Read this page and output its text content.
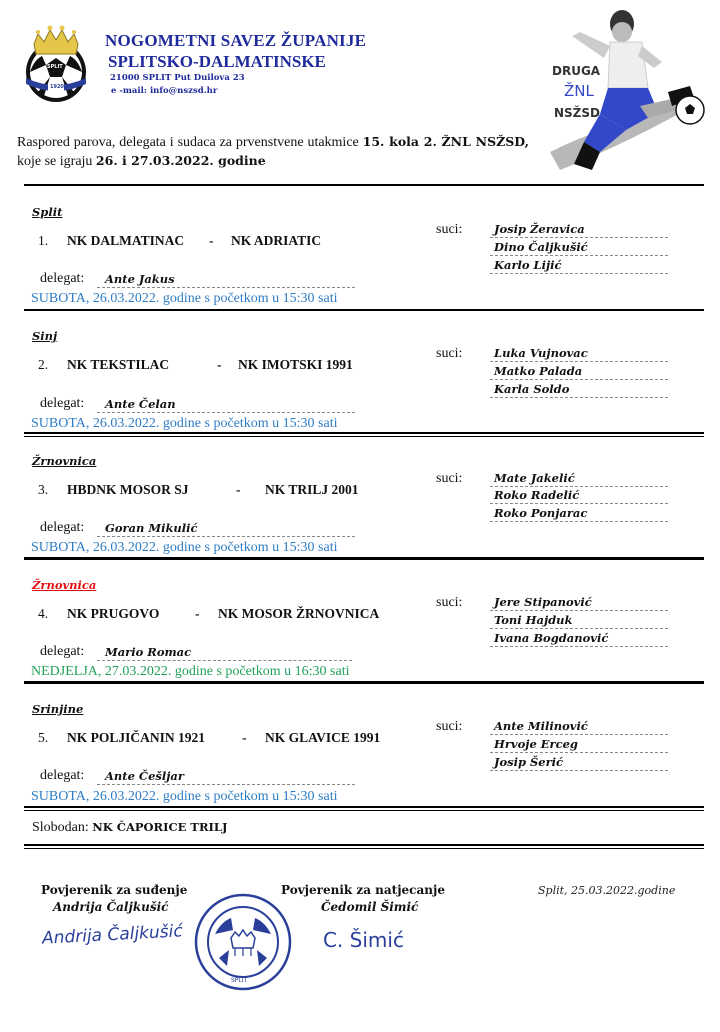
SPLIT
1920
NOGOMETNI SAVEZ ŽUPANIJE
SPLITSKO-DALMATINSKE
21000 SPLIT Put Duilova 23
e -mail: info@nszsd.hr
DRUGA
ŽNL
NSŽSD
Raspored parova, delegata i sudaca za prvenstvene utakmice 15. kola 2. ŽNL NSŽSD, koje se igraju 26. i 27.03.2022. godine
Split
1. NK DALMATINAC - NK ADRIATIC
suci:	Josip Žeravica
Dino Čaljkušić
Karlo Lijić
delegat: Ante Jakus
SUBOTA, 26.03.2022. godine s početkom u 15:30 sati
Sinj
2. NK TEKSTILAC	- NK IMOTSKI 1991
suci:	Luka Vujnovac
Matko Palada
Karla Soldo
delegat: Ante Čelan
SUBOTA, 26.03.2022. godine s početkom u 15:30 sati
Žrnovnica
3. HBDNK MOSOR SJ	- NK TRILJ 2001
suci:	Mate Jakelić
Roko Radelić
Roko Ponjarac
delegat: Goran Mikulić
SUBOTA, 26.03.2022. godine s početkom u 15:30 sati
Žrnovnica
4. NK PRUGOVO	- NK MOSOR ŽRNOVNICA
suci:	Jere Stipanović
Toni Hajduk
Ivana Bogdanović
delegat: Mario Romac
NEDJELJA, 27.03.2022. godine s početkom u 16:30 sati
Srinjine
5. NK POLJIČANIN 1921	- NK GLAVICE 1991
suci:	Ante Milinović
Hrvoje Erceg
Josip Šerić
delegat: Ante Češljar
SUBOTA, 26.03.2022. godine s početkom u 15:30 sati
Slobodan: NK ČAPORICE TRILJ
Povjerenik za suđenje
Andrija Čaljkušić
Andrija Čaljkušić
SPLIT
Povjerenik za natjecanje
Čedomil Šimić
C. Šimić
Split, 25.03.2022.godine
